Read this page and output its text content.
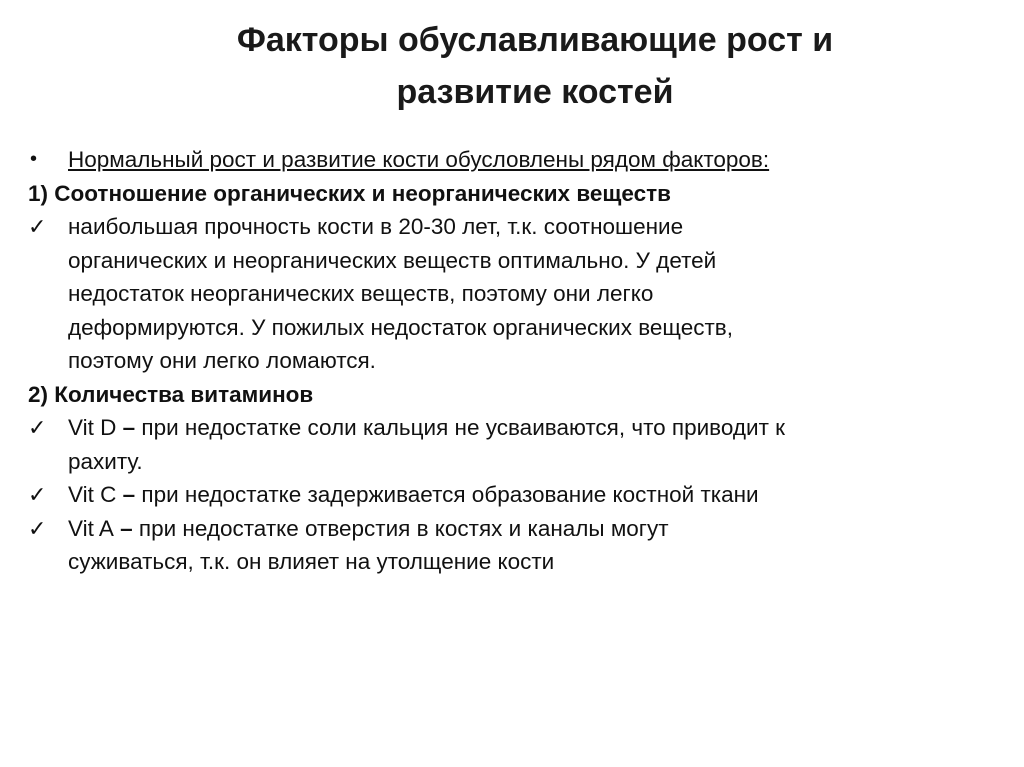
Факторы обуславливающие рост и
развитие костей
•	Нормальный рост и развитие кости обусловлены рядом факторов:
1) Соотношение органических и неорганических веществ
✓ наибольшая прочность кости в 20-30 лет, т.к. соотношение
органических и неорганических веществ оптимально. У детей
недостаток неорганических веществ, поэтому они легко
деформируются. У пожилых недостаток органических веществ,
поэтому они легко ломаются.
2) Количества витаминов
✓ Vit D – при недостатке соли кальция не усваиваются, что приводит к
рахиту.
✓ Vit C – при недостатке задерживается образование костной ткани
✓ Vit A – при недостатке отверстия в костях и каналы могут
суживаться, т.к. он влияет на утолщение кости
